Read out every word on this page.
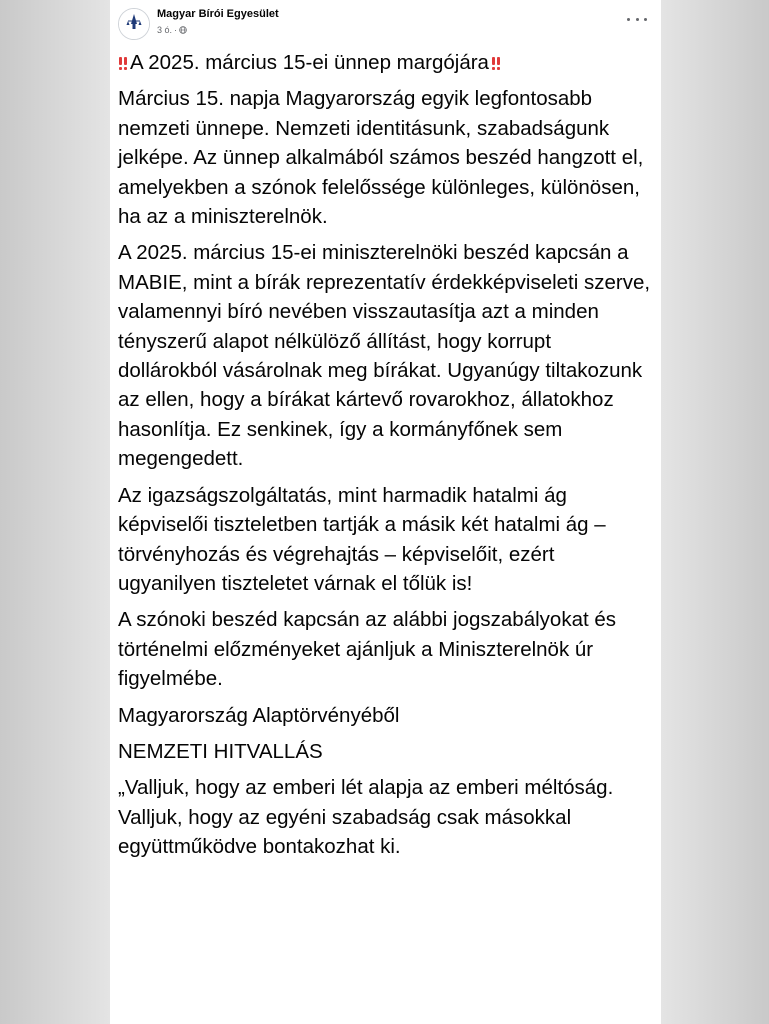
Magyar Bírói Egyesület
3 ó. ·
A 2025. március 15-ei ünnep margójára

Március 15. napja Magyarország egyik legfontosabb nemzeti ünnepe. Nemzeti identitásunk, szabadságunk jelképe. Az ünnep alkalmából számos beszéd hangzott el, amelyekben a szónok felelőssége különleges, különösen, ha az a miniszterelnök.

A 2025. március 15-ei miniszterelnöki beszéd kapcsán a MABIE, mint a bírák reprezentatív érdekképviseleti szerve, valamennyi bíró nevében visszautasítja azt a minden tényszerű alapot nélkülöző állítást, hogy korrupt dollárokból vásárolnak meg bírákat. Ugyanúgy tiltakozunk az ellen, hogy a bírákat kártevő rovarokhoz, állatokhoz hasonlítja. Ez senkinek, így a kormányfőnek sem megengedett.

Az igazságszolgáltatás, mint harmadik hatalmi ág képviselői tiszteletben tartják a másik két hatalmi ág – törvényhozás és végrehajtás – képviselőit, ezért ugyanilyen tiszteletet várnak el tőlük is!

A szónoki beszéd kapcsán az alábbi jogszabályokat és történelmi előzményeket ajánljuk a Miniszterelnök úr figyelmébe.

Magyarország Alaptörvényéből

NEMZETI HITVALLÁS

„Valljuk, hogy az emberi lét alapja az emberi méltóság. Valljuk, hogy az egyéni szabadság csak másokkal együttműködve bontakozhat ki.
